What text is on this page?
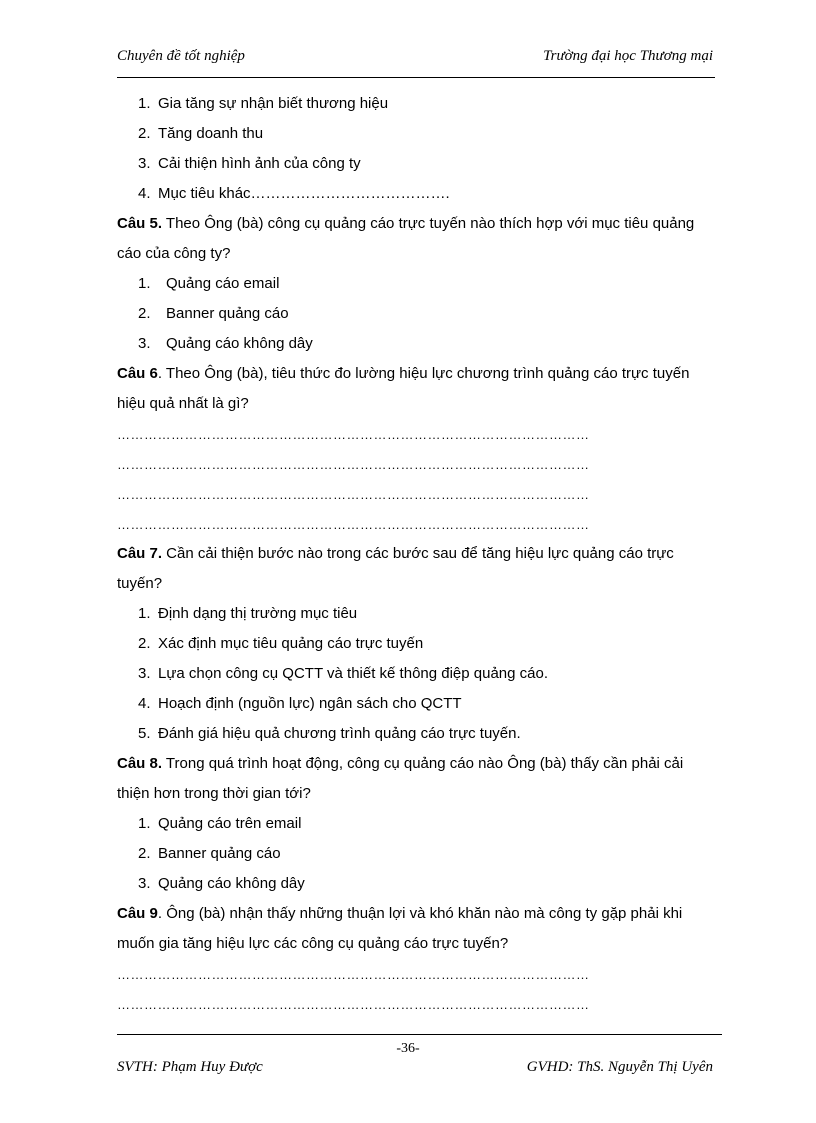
Chuyên đề tốt nghiệp	Trường đại học Thương mại
1. Gia tăng sự nhận biết thương hiệu
2. Tăng doanh thu
3. Cải thiện hình ảnh của công ty
4. Mục tiêu khác………………………………….
Câu 5. Theo Ông (bà) công cụ quảng cáo trực tuyến nào thích hợp với mục tiêu quảng
cáo của công ty?
1. Quảng cáo email
2. Banner quảng cáo
3. Quảng cáo không dây
Câu 6. Theo Ông (bà), tiêu thức đo lường hiệu lực chương trình quảng cáo trực tuyến
hiệu quả nhất là gì?
……………………………………………………………………………………………
……………………………………………………………………………………………
……………………………………………………………………………………………
……………………………………………………………………………………………
Câu 7. Cần cải thiện bước nào trong các bước sau để tăng hiệu lực quảng cáo trực
tuyến?
1. Định dạng thị trường mục tiêu
2. Xác định mục tiêu quảng cáo trực tuyến
3. Lựa chọn công cụ QCTT và thiết kế thông điệp quảng cáo.
4. Hoạch định (nguồn lực) ngân sách cho QCTT
5. Đánh giá hiệu quả chương trình quảng cáo trực tuyến.
Câu 8. Trong quá trình hoạt động, công cụ quảng cáo nào Ông (bà) thấy cần phải cải
thiện hơn trong thời gian tới?
1. Quảng cáo trên email
2. Banner quảng cáo
3. Quảng cáo không dây
Câu 9. Ông (bà) nhận thấy những thuận lợi và khó khăn nào mà công ty gặp phải khi
muốn gia tăng hiệu lực các công cụ quảng cáo trực tuyến?
……………………………………………………………………………………………
……………………………………………………………………………………………
-36-
SVTH: Phạm Huy Được	GVHD: ThS. Nguyễn Thị Uyên
